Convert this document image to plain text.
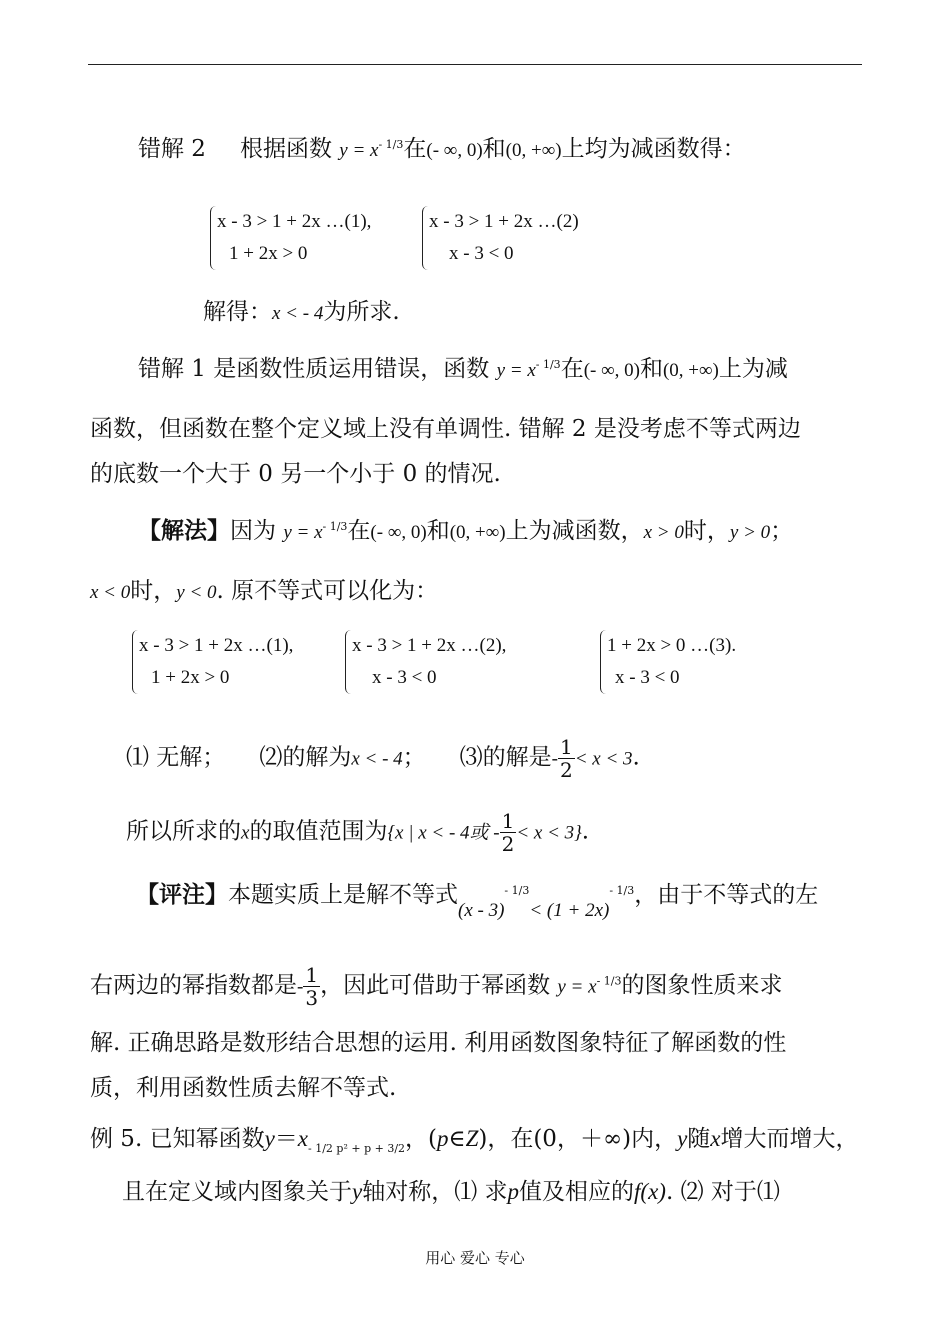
错解 2 根据函数 $y = x^{- 1/3}$在(- ∞, 0)和(0, +∞)上均为减函数得：
x - 3 > 1 + 2x …(1),
1 + 2x > 0
x - 3 > 1 + 2x …(2)
x - 3 < 0
解得：x < - 4为所求.
错解 1 是函数性质运用错误，函数 $y = x^{- 1/3}$在(- ∞, 0)和(0, +∞)上为减
函数，但函数在整个定义域上没有单调性. 错解 2 是没考虑不等式两边
的底数一个大于 0 另一个小于 0 的情况.
【解法】因为 $y = x^{- 1/3}$在(- ∞, 0)和(0, +∞)上为减函数，x > 0时，y > 0；
x < 0时，y < 0. 原不等式可以化为：
x - 3 > 1 + 2x …(1),
1 + 2x > 0
x - 3 > 1 + 2x …(2),
x - 3 < 0
1 + 2x > 0 …(3).
x - 3 < 0
⑴ 无解； ⑵的解为x < - 4； ⑶的解是- $\frac{1}{2} < x < 3$.
所以所求的x的取值范围为{x | x < - 4或 - $\frac{1}{2} < x < 3$}.
【评注】本题实质上是解不等式$_{(x - 3)}^{- 1/3}_{< (1 + 2x)}^{- 1/3}$，由于不等式的左
右两边的幂指数都是- $\frac{1}{3}$ ，因此可借助于幂函数 $y = x^{- 1/3}$的图象性质来求
解. 正确思路是数形结合思想的运用. 利用函数图象特征了解函数的性
质，利用函数性质去解不等式.
例 5. 已知幂函数$y=x^{- 1/2 p^2 + p + 3/2}$，(p∈Z)，在(0，＋∞)内，y随x增大而增大，
且在定义域内图象关于y轴对称，⑴ 求p值及相应的f(x). ⑵ 对于⑴
用心 爱心 专心
